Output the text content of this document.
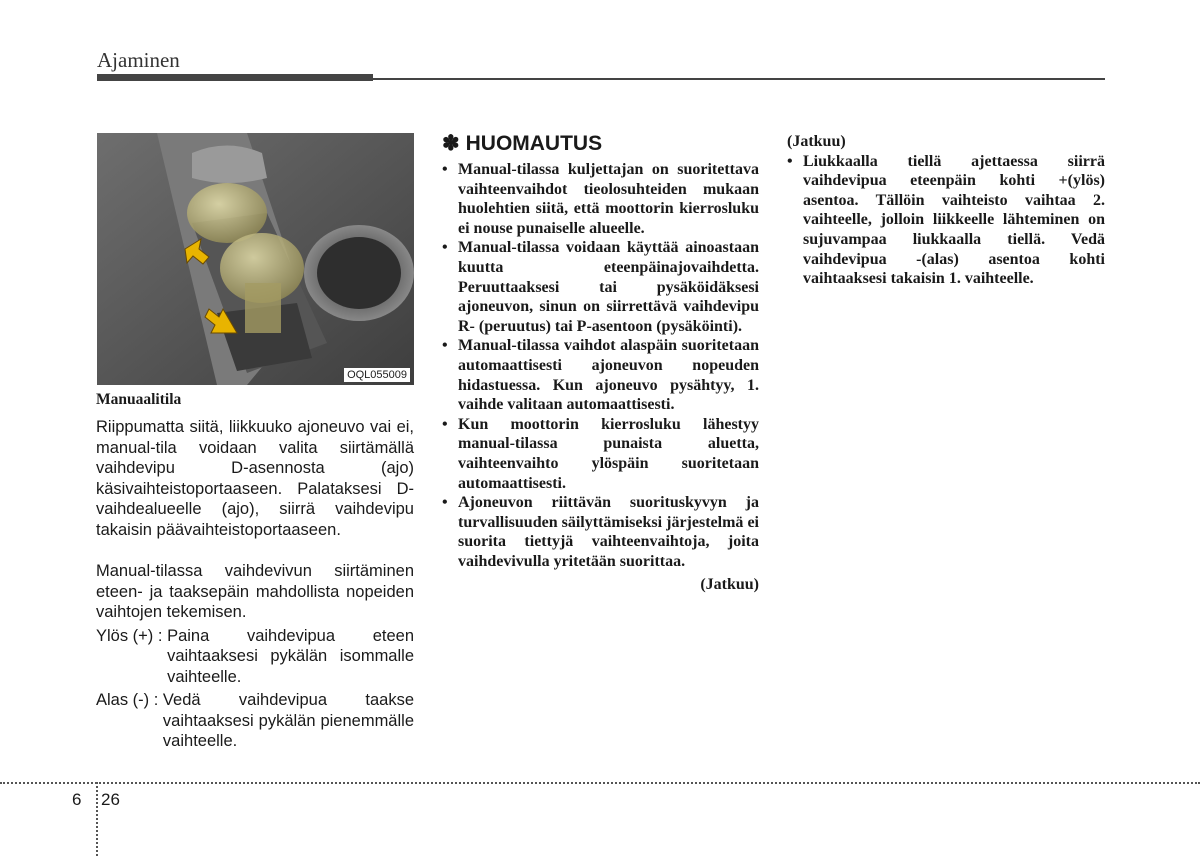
Ajaminen
OQL055009

Manuaalitila

Riippumatta siitä, liikkuuko ajoneuvo vai ei, manual-tila voidaan valita siirtämällä vaihdevipu D-asennosta (ajo) käsivaihteistoportaaseen. Palataksesi D-vaihdealueelle (ajo), siirrä vaihdevipu takaisin päävaihteistoportaaseen.

Manual-tilassa vaihdevivun siirtäminen eteen- ja taaksepäin mahdollista nopeiden vaihtojen tekemisen.

Ylös (+) : Paina vaihdevipua eteen vaihtaaksesi pykälän isommalle vaihteelle.
Alas (-) : Vedä vaihdevipua taakse vaihtaaksesi pykälän pienemmälle vaihteelle.
✽ HUOMAUTUS
• Manual-tilassa kuljettajan on suoritettava vaihteenvaihdot tieolosuhteiden mukaan huolehtien siitä, että moottorin kierrosluku ei nouse punaiselle alueelle.
• Manual-tilassa voidaan käyttää ainoastaan kuutta eteenpäinajovaihdetta. Peruuttaaksesi tai pysäköidäksesi ajoneuvon, sinun on siirrettävä vaihdevipu R- (peruutus) tai P-asentoon (pysäköinti).
• Manual-tilassa vaihdot alaspäin suoritetaan automaattisesti ajoneuvon nopeuden hidastuessa. Kun ajoneuvo pysähtyy, 1. vaihde valitaan automaattisesti.
• Kun moottorin kierrosluku lähestyy manual-tilassa punaista aluetta, vaihteenvaihto ylöspäin suoritetaan automaattisesti.
• Ajoneuvon riittävän suorituskyvyn ja turvallisuuden säilyttämiseksi järjestelmä ei suorita tiettyjä vaihteenvaihtoja, joita vaihdevivulla yritetään suorittaa.
(Jatkuu)

(Jatkuu)

• Liukkaalla tiellä ajettaessa siirrä vaihdevipua eteenpäin kohti +(ylös) asentoa. Tällöin vaihteisto vaihtaa 2. vaihteelle, jolloin liikkeelle lähteminen on sujuvampaa liukkaalla tiellä. Vedä vaihdevipua -(alas) asentoa kohti vaihtaaksesi takaisin 1. vaihteelle.
6 26
